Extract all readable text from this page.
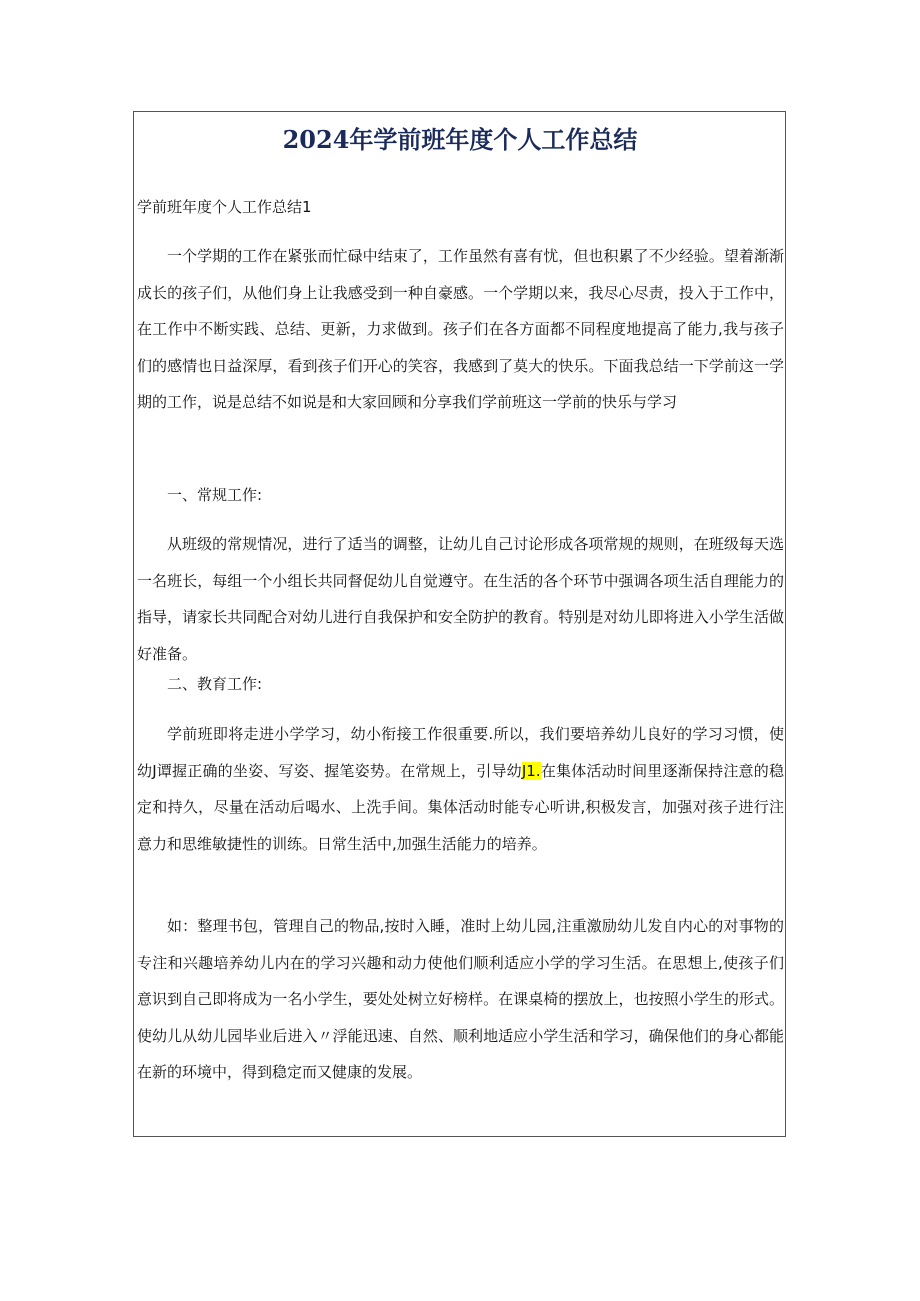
2024年学前班年度个人工作总结

学前班年度个人工作总结1

一个学期的工作在紧张而忙碌中结束了，工作虽然有喜有忧，但也积累了不少经验。望着渐渐成长的孩子们，从他们身上让我感受到一种自豪感。一个学期以来，我尽心尽责，投入于工作中，在工作中不断实践、总结、更新，力求做到。孩子们在各方面都不同程度地提高了能力,我与孩子们的感情也日益深厚，看到孩子们开心的笑容，我感到了莫大的快乐。下面我总结一下学前这一学期的工作，说是总结不如说是和大家回顾和分享我们学前班这一学前的快乐与学习

一、常规工作:

从班级的常规情况，进行了适当的调整，让幼儿自己讨论形成各项常规的规则，在班级每天选一名班长，每组一个小组长共同督促幼儿自觉遵守。在生活的各个环节中强调各项生活自理能力的指导，请家长共同配合对幼儿进行自我保护和安全防护的教育。特别是对幼儿即将进入小学生活做好准备。

二、教育工作:

学前班即将走进小学学习，幼小衔接工作很重要.所以，我们要培养幼儿良好的学习习惯，使幼J谭握正确的坐姿、写姿、握笔姿势。在常规上，引导幼J1.在集体活动时间里逐渐保持注意的稳定和持久，尽量在活动后喝水、上洗手间。集体活动时能专心听讲,积极发言，加强对孩子进行注意力和思维敏捷性的训练。日常生活中,加强生活能力的培养。

如：整理书包，管理自己的物品,按时入睡，准时上幼儿园,注重激励幼儿发自内心的对事物的专注和兴趣培养幼儿内在的学习兴趣和动力使他们顺利适应小学的学习生活。在思想上,使孩子们意识到自己即将成为一名小学生，要处处树立好榜样。在课桌椅的摆放上，也按照小学生的形式。使幼儿从幼儿园毕业后进入〃浮能迅速、自然、顺利地适应小学生活和学习，确保他们的身心都能在新的环境中，得到稳定而又健康的发展。
